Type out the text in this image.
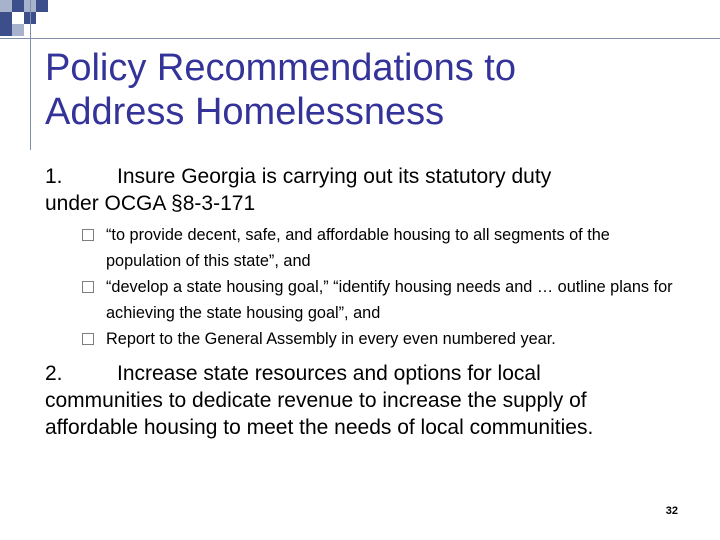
Policy Recommendations to
Address Homelessness
1.	Insure Georgia is carrying out its statutory duty
under OCGA §8-3-171
“to provide decent, safe, and affordable housing to all segments of the population of this state”, and
“develop a state housing goal,” “identify housing needs and … outline plans for achieving the state housing goal”, and
Report to the General Assembly in every even numbered year.
2.	Increase state resources and options for local
communities to dedicate revenue to increase the supply of
affordable housing to meet the needs of local communities.
32
